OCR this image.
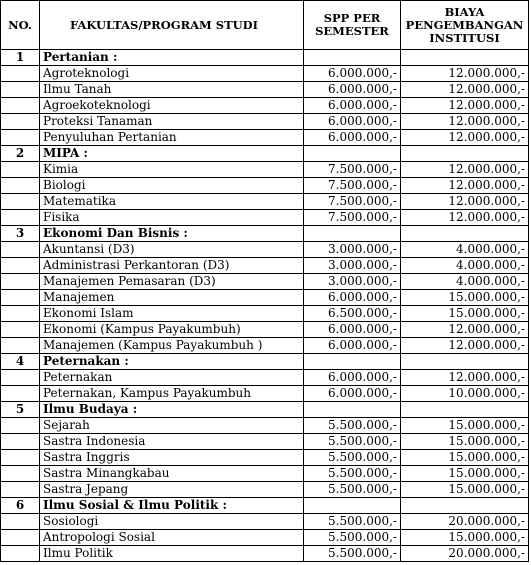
NO.	FAKULTAS/PROGRAM STUDI	SPP PER SEMESTER	BIAYA PENGEMBANGAN INSTITUSI
1	Pertanian :		
	Agroteknologi	6.000.000,-	12.000.000,-
	Ilmu Tanah	6.000.000,-	12.000.000,-
	Agroekoteknologi	6.000.000,-	12.000.000,-
	Proteksi Tanaman	6.000.000,-	12.000.000,-
	Penyuluhan Pertanian	6.000.000,-	12.000.000,-
2	MIPA :		
	Kimia	7.500.000,-	12.000.000,-
	Biologi	7.500.000,-	12.000.000,-
	Matematika	7.500.000,-	12.000.000,-
	Fisika	7.500.000,-	12.000.000,-
3	Ekonomi Dan Bisnis :		
	Akuntansi (D3)	3.000.000,-	4.000.000,-
	Administrasi Perkantoran (D3)	3.000.000,-	4.000.000,-
	Manajemen Pemasaran (D3)	3.000.000,-	4.000.000,-
	Manajemen	6.000.000,-	15.000.000,-
	Ekonomi Islam	6.500.000,-	15.000.000,-
	Ekonomi (Kampus Payakumbuh)	6.000.000,-	12.000.000,-
	Manajemen (Kampus Payakumbuh )	6.000.000,-	12.000.000,-
4	Peternakan :		
	Peternakan	6.000.000,-	12.000.000,-
	Peternakan, Kampus Payakumbuh	6.000.000,-	10.000.000,-
5	Ilmu Budaya :		
	Sejarah	5.500.000,-	15.000.000,-
	Sastra Indonesia	5.500.000,-	15.000.000,-
	Sastra Inggris	5.500.000,-	15.000.000,-
	Sastra Minangkabau	5.500.000,-	15.000.000,-
	Sastra Jepang	5.500.000,-	15.000.000,-
6	Ilmu Sosial & Ilmu Politik :		
	Sosiologi	5.500.000,-	20.000.000,-
	Antropologi Sosial	5.500.000,-	15.000.000,-
	Ilmu Politik	5.500.000,-	20.000.000,-
